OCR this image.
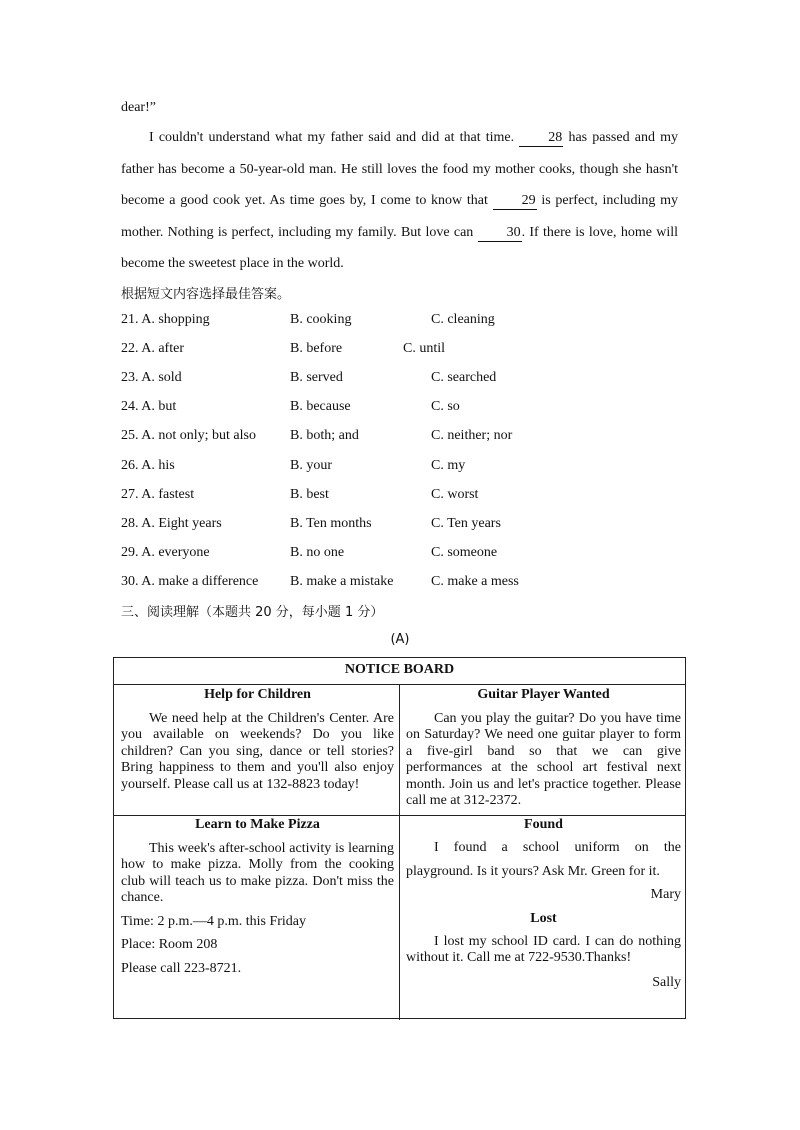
dear!”
I couldn't understand what my father said and did at that time. 28 has passed and my father has become a 50-year-old man. He still loves the food my mother cooks, though she hasn't become a good cook yet. As time goes by, I come to know that 29 is perfect, including my mother. Nothing is perfect, including my family. But love can 30. If there is love, home will become the sweetest place in the world.
根据短文内容选择最佳答案。
21. A. shopping	B. cooking	C. cleaning
22. A. after	B. before	C. until
23. A. sold	B. served	C. searched
24. A. but	B. because	C. so
25. A. not only; but also B. both; and	C. neither; nor
26. A. his	B. your	C. my
27. A. fastest	B. best	C. worst
28. A. Eight years	B. Ten months	C. Ten years
29. A. everyone	B. no one	C. someone
30. A. make a difference B. make a mistake	C. make a mess
三、阅读理解（本题共 20 分，每小题 1 分）
(A)
NOTICE BOARD
Help for Children
We need help at the Children's Center. Are you available on weekends? Do you like children? Can you sing, dance or tell stories? Bring happiness to them and you'll also enjoy yourself. Please call us at 132-8823 today!
Guitar Player Wanted
Can you play the guitar? Do you have time on Saturday? We need one guitar player to form a five-girl band so that we can give performances at the school art festival next month. Join us and let's practice together. Please call me at 312-2372.
Learn to Make Pizza
This week's after-school activity is learning how to make pizza. Molly from the cooking club will teach us to make pizza. Don't miss the chance.
Time: 2 p.m.—4 p.m. this Friday
Place: Room 208
Please call 223-8721.
Found
I found a school uniform on the playground. Is it yours? Ask Mr. Green for it.
Mary
Lost
I lost my school ID card. I can do nothing without it. Call me at 722-9530.Thanks!
Sally
